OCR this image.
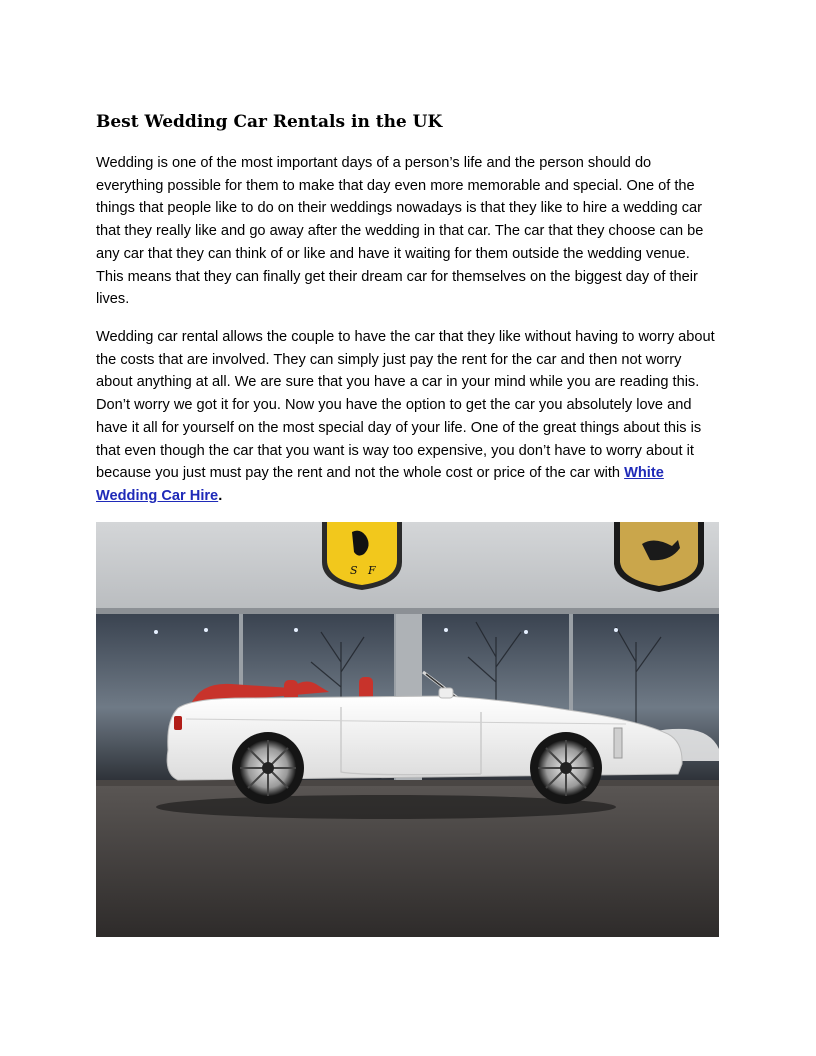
Best Wedding Car Rentals in the UK

Wedding is one of the most important days of a person’s life and the person should do everything possible for them to make that day even more memorable and special. One of the things that people like to do on their weddings nowadays is that they like to hire a wedding car that they really like and go away after the wedding in that car. The car that they choose can be any car that they can think of or like and have it waiting for them outside the wedding venue. This means that they can finally get their dream car for themselves on the biggest day of their lives.

Wedding car rental allows the couple to have the car that they like without having to worry about the costs that are involved. They can simply just pay the rent for the car and then not worry about anything at all. We are sure that you have a car in your mind while you are reading this. Don’t worry we got it for you. Now you have the option to get the car you absolutely love and have it all for yourself on the most special day of your life. One of the great things about this is that even though the car that you want is way too expensive, you don’t have to worry about it because you just must pay the rent and not the whole cost or price of the car with White Wedding Car Hire.

S F
